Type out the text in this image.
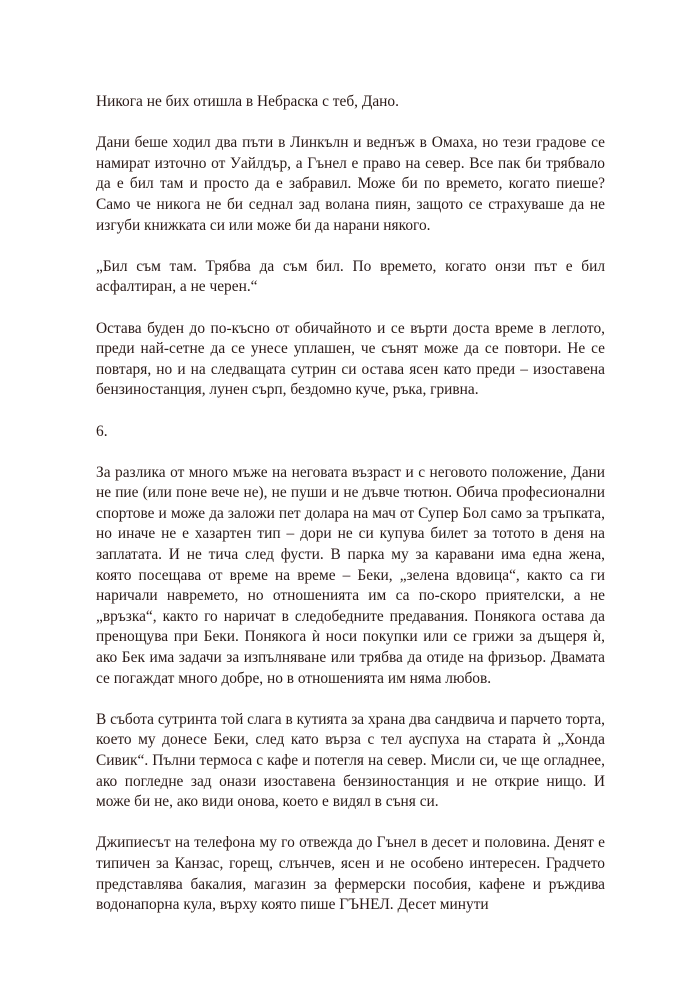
Никога не бих отишла в Небраска с теб, Дано.

Дани беше ходил два пъти в Линкълн и веднъж в Омаха, но тези градове се намират източно от Уайлдър, а Гънел е право на север. Все пак би трябвало да е бил там и просто да е забравил. Може би по времето, когато пиеше? Само че никога не би седнал зад волана пиян, защото се страхуваше да не изгуби книжката си или може би да нарани някого.

„Бил съм там. Трябва да съм бил. По времето, когато онзи път е бил асфалтиран, а не черен.“

Остава буден до по-късно от обичайното и се върти доста време в леглото, преди най-сетне да се унесе уплашен, че сънят може да се повтори. Не се повтаря, но и на следващата сутрин си остава ясен като преди – изоставена бензиностанция, лунен сърп, бездомно куче, ръка, гривна.

6.

За разлика от много мъже на неговата възраст и с неговото положение, Дани не пие (или поне вече не), не пуши и не дъвче тютюн. Обича професионални спортове и може да заложи пет долара на мач от Супер Бол само за тръпката, но иначе не е хазартен тип – дори не си купува билет за тотото в деня на заплатата. И не тича след фусти. В парка му за каравани има една жена, която посещава от време на време – Беки, „зелена вдовица“, както са ги наричали навремето, но отношенията им са по-скоро приятелски, а не „връзка“, както го наричат в следобедните предавания. Понякога остава да пренощува при Беки. Понякога ѝ носи покупки или се грижи за дъщеря ѝ, ако Бек има задачи за изпълняване или трябва да отиде на фризьор. Двамата се погаждат много добре, но в отношенията им няма любов.

В събота сутринта той слага в кутията за храна два сандвича и парчето торта, което му донесе Беки, след като върза с тел ауспуха на старата ѝ „Хонда Сивик“. Пълни термоса с кафе и потегля на север. Мисли си, че ще огладнее, ако погледне зад онази изоставена бензиностанция и не открие нищо. И може би не, ако види онова, което е видял в съня си.

Джипиесът на телефона му го отвежда до Гънел в десет и половина. Денят е типичен за Канзас, горещ, слънчев, ясен и не особено интересен. Градчето представлява бакалия, магазин за фермерски пособия, кафене и ръждива водонапорна кула, върху която пише ГЪНЕЛ. Десет минути
